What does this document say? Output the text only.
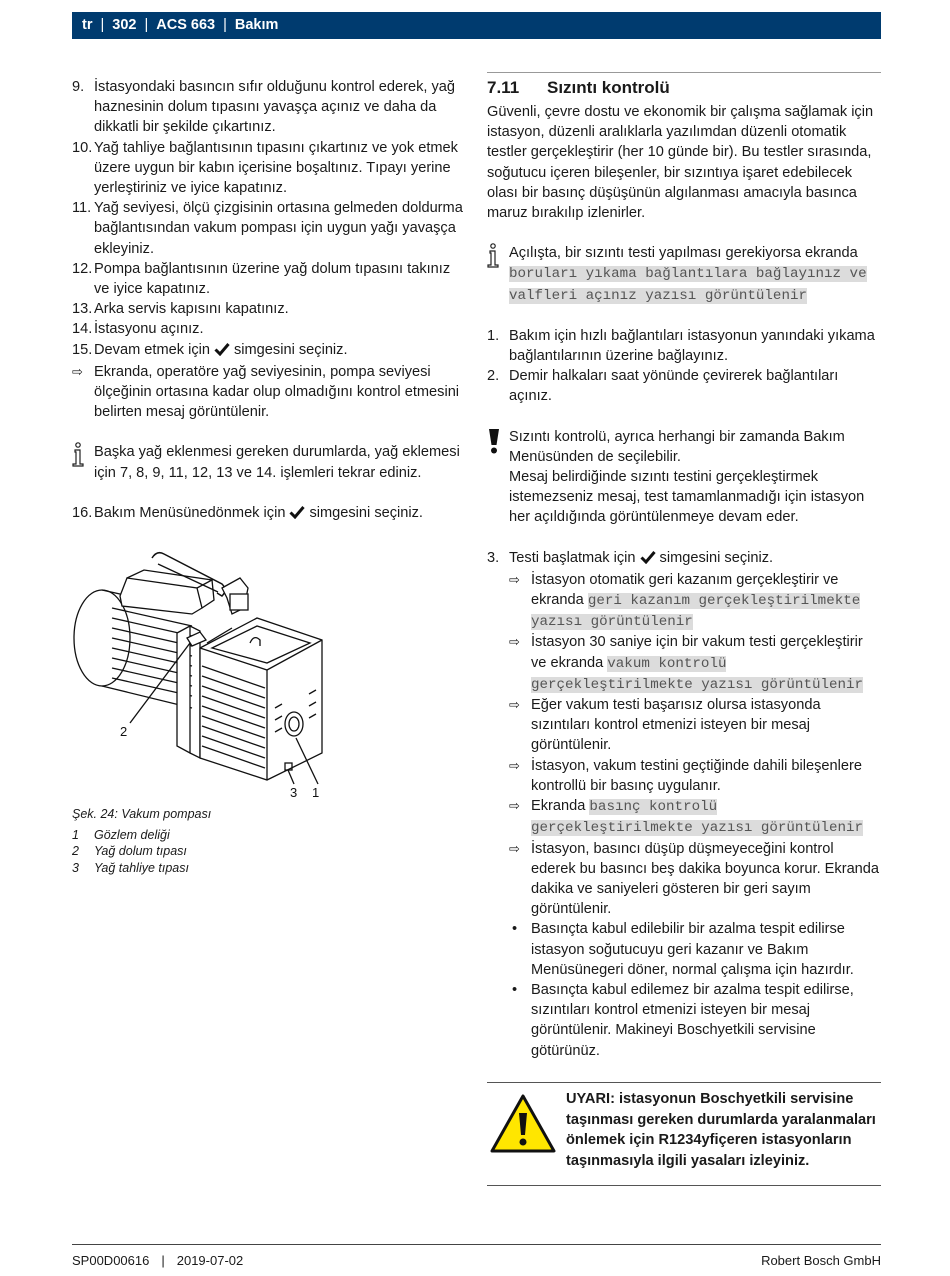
tr | 302 | ACS 663 | Bakım
9. İstasyondaki basıncın sıfır olduğunu kontrol ederek, yağ haznesinin dolum tıpasını yavaşça açınız ve daha da dikkatli bir şekilde çıkartınız.
10. Yağ tahliye bağlantısının tıpasını çıkartınız ve yok etmek üzere uygun bir kabın içerisine boşaltınız. Tıpayı yerine yerleştiriniz ve iyice kapatınız.
11. Yağ seviyesi, ölçü çizgisinin ortasına gelmeden doldurma bağlantısından vakum pompası için uygun yağı yavaşça ekleyiniz.
12. Pompa bağlantısının üzerine yağ dolum tıpasını takınız ve iyice kapatınız.
13. Arka servis kapısını kapatınız.
14. İstasyonu açınız.
15. Devam etmek için simgesini seçiniz.
⇨ Ekranda, operatöre yağ seviyesinin, pompa seviyesi ölçeğinin ortasına kadar olup olmadığını kontrol etmesini belirten mesaj görüntülenir.
Başka yağ eklenmesi gereken durumlarda, yağ eklemesi için 7, 8, 9, 11, 12, 13 ve 14. işlemleri tekrar ediniz.
16. Bakım Menüsünedönmek için simgesini seçiniz.
2
3 1
Şek. 24: Vakum pompası
1	Gözlem deliği
2	Yağ dolum tıpası
3	Yağ tahliye tıpası
7.11 Sızıntı kontrolü
Güvenli, çevre dostu ve ekonomik bir çalışma sağlamak için istasyon, düzenli aralıklarla yazılımdan düzenli otomatik testler gerçekleştirir (her 10 günde bir). Bu testler sırasında, soğutucu içeren bileşenler, bir sızıntıya işaret edebilecek olası bir basınç düşüşünün algılanması amacıyla basınca maruz bırakılıp izlenirler.
Açılışta, bir sızıntı testi yapılması gerekiyorsa ekranda boruları yıkama bağlantılara bağlayınız ve valfleri açınız yazısı görüntülenir
1. Bakım için hızlı bağlantıları istasyonun yanındaki yıkama bağlantılarının üzerine bağlayınız.
2. Demir halkaları saat yönünde çevirerek bağlantıları açınız.
Sızıntı kontrolü, ayrıca herhangi bir zamanda Bakım Menüsünden de seçilebilir.
Mesaj belirdiğinde sızıntı testini gerçekleştirmek istemezseniz mesaj, test tamamlanmadığı için istasyon her açıldığında görüntülenmeye devam eder.
3. Testi başlatmak için simgesini seçiniz.
⇨ İstasyon otomatik geri kazanım gerçekleştirir ve ekranda geri kazanım gerçekleştirilmekte yazısı görüntülenir
⇨ İstasyon 30 saniye için bir vakum testi gerçekleştirir ve ekranda vakum kontrolü gerçekleştirilmekte yazısı görüntülenir
⇨ Eğer vakum testi başarısız olursa istasyonda sızıntıları kontrol etmenizi isteyen bir mesaj görüntülenir.
⇨ İstasyon, vakum testini geçtiğinde dahili bileşenlere kontrollü bir basınç uygulanır.
⇨ Ekranda basınç kontrolü gerçekleştirilmekte yazısı görüntülenir
⇨ İstasyon, basıncı düşüp düşmeyeceğini kontrol ederek bu basıncı beş dakika boyunca korur. Ekranda dakika ve saniyeleri gösteren bir geri sayım görüntülenir.
• Basınçta kabul edilebilir bir azalma tespit edilirse istasyon soğutucuyu geri kazanır ve Bakım Menüsünegeri döner, normal çalışma için hazırdır.
• Basınçta kabul edilemez bir azalma tespit edilirse, sızıntıları kontrol etmenizi isteyen bir mesaj görüntülenir. Makineyi Boschyetkili servisine götürünüz.
UYARI: istasyonun Boschyetkili servisine taşınması gereken durumlarda yaralanmaları önlemek için R1234yfiçeren istasyonların taşınmasıyla ilgili yasaları izleyiniz.
SP00D00616 | 2019-07-02	Robert Bosch GmbH
